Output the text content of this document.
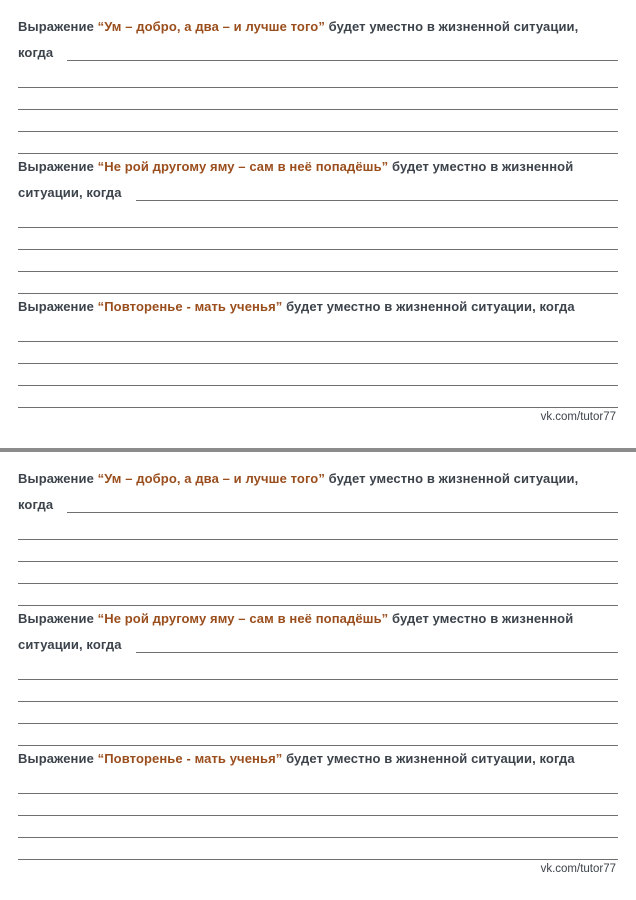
Выражение “Ум – добро, а два – и лучше того” будет уместно в жизненной ситуации,
когда
Выражение “Не рой другому яму – сам в неё попадёшь” будет уместно в жизненной
ситуации, когда
Выражение “Повторенье - мать ученья” будет уместно в жизненной ситуации, когда
vk.com/tutor77
Выражение “Ум – добро, а два – и лучше того” будет уместно в жизненной ситуации,
когда
Выражение “Не рой другому яму – сам в неё попадёшь” будет уместно в жизненной
ситуации, когда
Выражение “Повторенье - мать ученья” будет уместно в жизненной ситуации, когда
vk.com/tutor77
